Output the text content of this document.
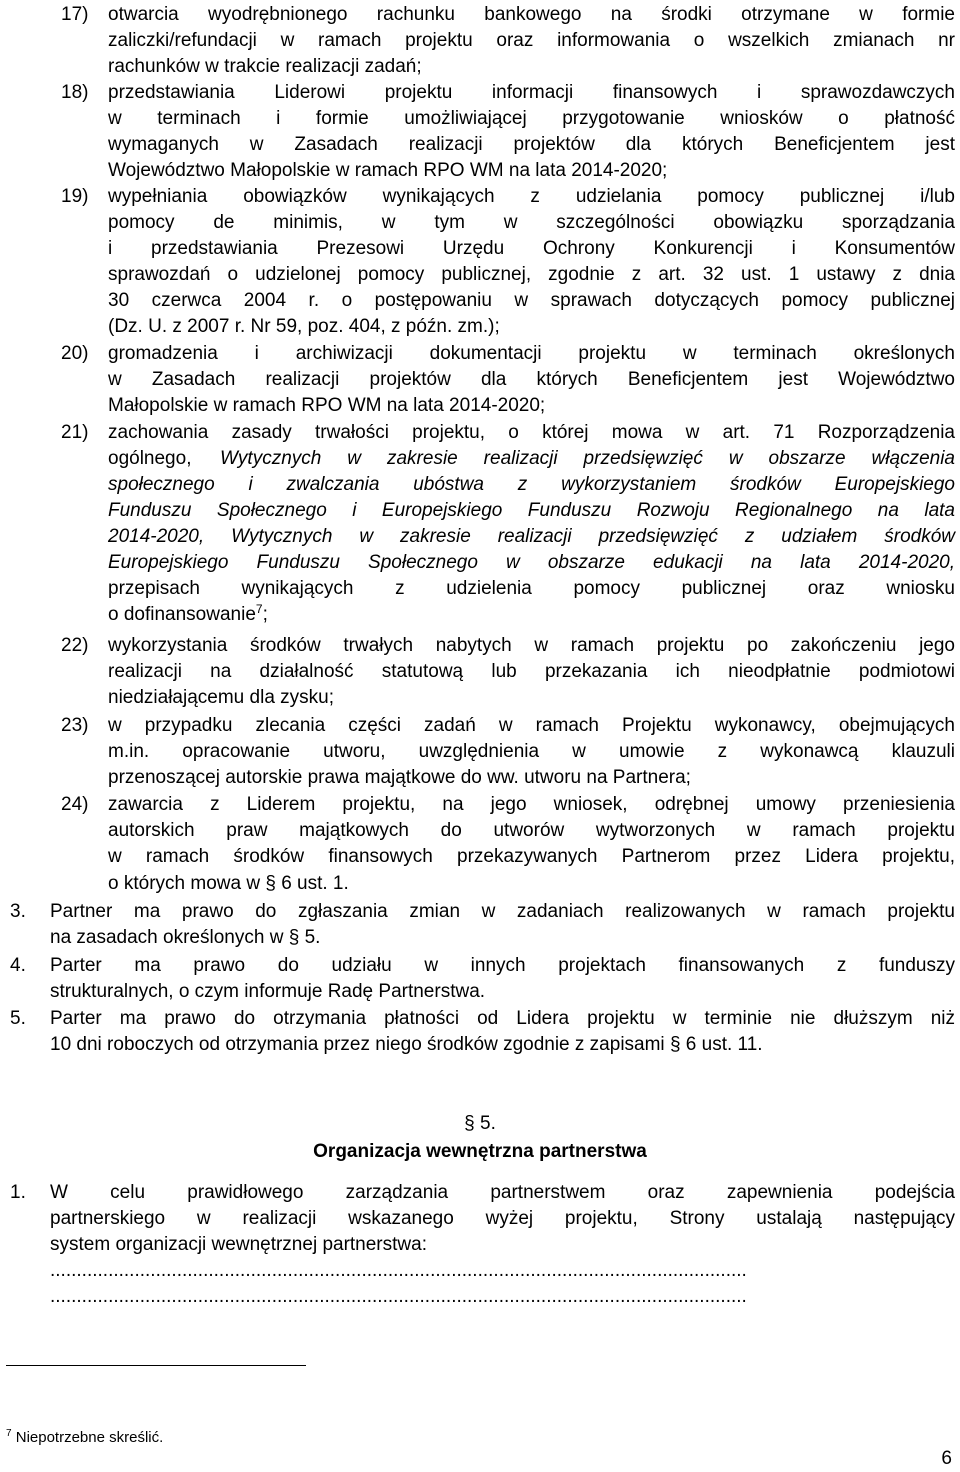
17) otwarcia wyodrębnionego rachunku bankowego na środki otrzymane w formie
zaliczki/refundacji w ramach projektu oraz informowania o wszelkich zmianach nr
rachunków w trakcie realizacji zadań;
18) przedstawiania Liderowi projektu informacji finansowych i sprawozdawczych
w terminach i formie umożliwiającej przygotowanie wniosków o płatność
wymaganych w Zasadach realizacji projektów dla których Beneficjentem jest
Województwo Małopolskie w ramach RPO WM na lata 2014-2020;
19) wypełniania obowiązków wynikających z udzielania pomocy publicznej i/lub
pomocy de minimis, w tym w szczególności obowiązku sporządzania
i przedstawiania Prezesowi Urzędu Ochrony Konkurencji i Konsumentów
sprawozdań o udzielonej pomocy publicznej, zgodnie z art. 32 ust. 1 ustawy z dnia
30 czerwca 2004 r. o postępowaniu w sprawach dotyczących pomocy publicznej
(Dz. U. z 2007 r. Nr 59, poz. 404, z późn. zm.);
20) gromadzenia i archiwizacji dokumentacji projektu w terminach określonych
w Zasadach realizacji projektów dla których Beneficjentem jest Województwo
Małopolskie w ramach RPO WM na lata 2014-2020;
21) zachowania zasady trwałości projektu, o której mowa w art. 71 Rozporządzenia
ogólnego, Wytycznych w zakresie realizacji przedsięwzięć w obszarze włączenia
społecznego i zwalczania ubóstwa z wykorzystaniem środków Europejskiego
Funduszu Społecznego i Europejskiego Funduszu Rozwoju Regionalnego na lata
2014-2020, Wytycznych w zakresie realizacji przedsięwzięć z udziałem środków
Europejskiego Funduszu Społecznego w obszarze edukacji na lata 2014-2020,
przepisach wynikających z udzielenia pomocy publicznej oraz wniosku
o dofinansowanie$^7$;
22) wykorzystania środków trwałych nabytych w ramach projektu po zakończeniu jego
realizacji na działalność statutową lub przekazania ich nieodpłatnie podmiotowi
niedziałającemu dla zysku;
23) w przypadku zlecania części zadań w ramach Projektu wykonawcy, obejmujących
m.in. opracowanie utworu, uwzględnienia w umowie z wykonawcą klauzuli
przenoszącej autorskie prawa majątkowe do ww. utworu na Partnera;
24) zawarcia z Liderem projektu, na jego wniosek, odrębnej umowy przeniesienia
autorskich praw majątkowych do utworów wytworzonych w ramach projektu
w ramach środków finansowych przekazywanych Partnerom przez Lidera projektu,
o których mowa w § 6 ust. 1.
3. Partner ma prawo do zgłaszania zmian w zadaniach realizowanych w ramach projektu
na zasadach określonych w § 5.
4. Parter ma prawo do udziału w innych projektach finansowanych z funduszy
strukturalnych, o czym informuje Radę Partnerstwa.
5. Parter ma prawo do otrzymania płatności od Lidera projektu w terminie nie dłuższym niż
10 dni roboczych od otrzymania przez niego środków zgodnie z zapisami § 6 ust. 11.
§ 5.
Organizacja wewnętrzna partnerstwa
1. W celu prawidłowego zarządzania partnerstwem oraz zapewnienia podejścia
partnerskiego w realizacji wskazanego wyżej projektu, Strony ustalają następujący
system organizacji wewnętrznej partnerstwa:
....................................................................................................................................
....................................................................................................................................
$^7$ Niepotrzebne skreślić.
6
